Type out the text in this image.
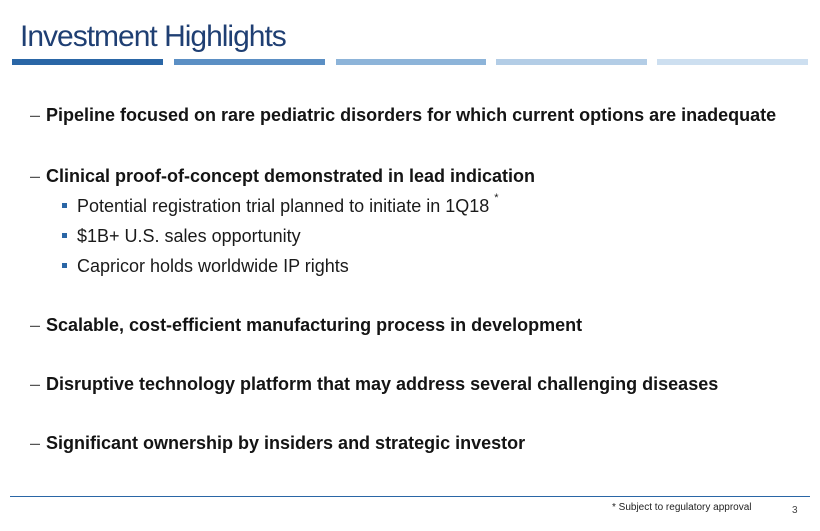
Investment Highlights
– Pipeline focused on rare pediatric disorders for which current options are inadequate
– Clinical proof-of-concept demonstrated in lead indication
Potential registration trial planned to initiate in 1Q18 *
$1B+ U.S. sales opportunity
Capricor holds worldwide IP rights
– Scalable, cost-efficient manufacturing process in development
– Disruptive technology platform that may address several challenging diseases
– Significant ownership by insiders and strategic investor
* Subject to regulatory approval	3
